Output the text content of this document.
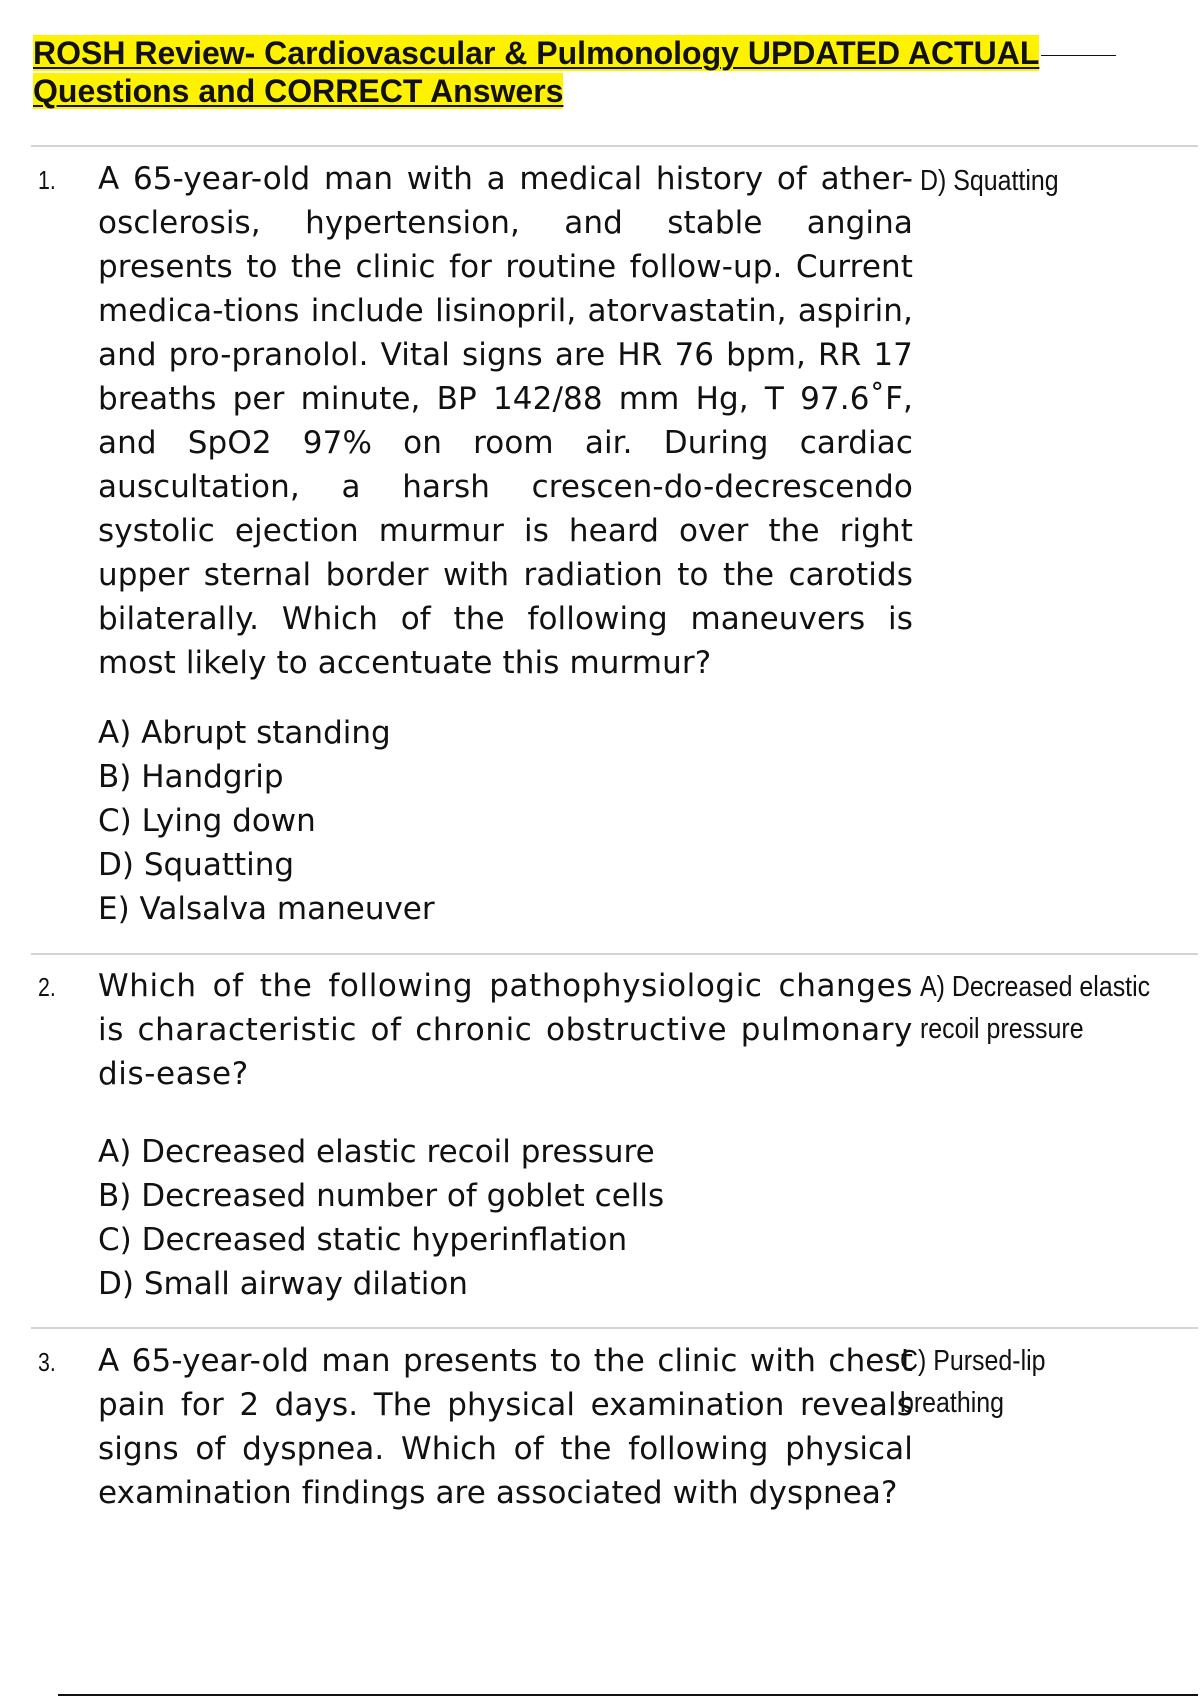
ROSH Review- Cardiovascular & Pulmonology UPDATED ACTUAL
Questions and CORRECT Answers
1. A 65-year-old man with a medical history of ather-osclerosis, hypertension, and stable angina presents to the clinic for routine follow-up. Current medica-tions include lisinopril, atorvastatin, aspirin, and pro-pranolol. Vital signs are HR 76 bpm, RR 17 breaths per minute, BP 142/88 mm Hg, T 97.6˚F, and SpO2 97% on room air. During cardiac auscultation, a harsh crescen-do-decrescendo systolic ejection murmur is heard over the right upper sternal border with radiation to the carotids bilaterally. Which of the following maneuvers is most likely to accentuate this murmur?
D) Squatting
A) Abrupt standing
B) Handgrip
C) Lying down
D) Squatting
E) Valsalva maneuver
2. Which of the following pathophysiologic changes is characteristic of chronic obstructive pulmonary dis-ease?
A) Decreased elastic recoil pressure
A) Decreased elastic recoil pressure
B) Decreased number of goblet cells
C) Decreased static hyperinflation
D) Small airway dilation
3. A 65-year-old man presents to the clinic with chest pain for 2 days. The physical examination reveals signs of dyspnea. Which of the following physical examination findings are associated with dyspnea?
C) Pursed-lip breathing
